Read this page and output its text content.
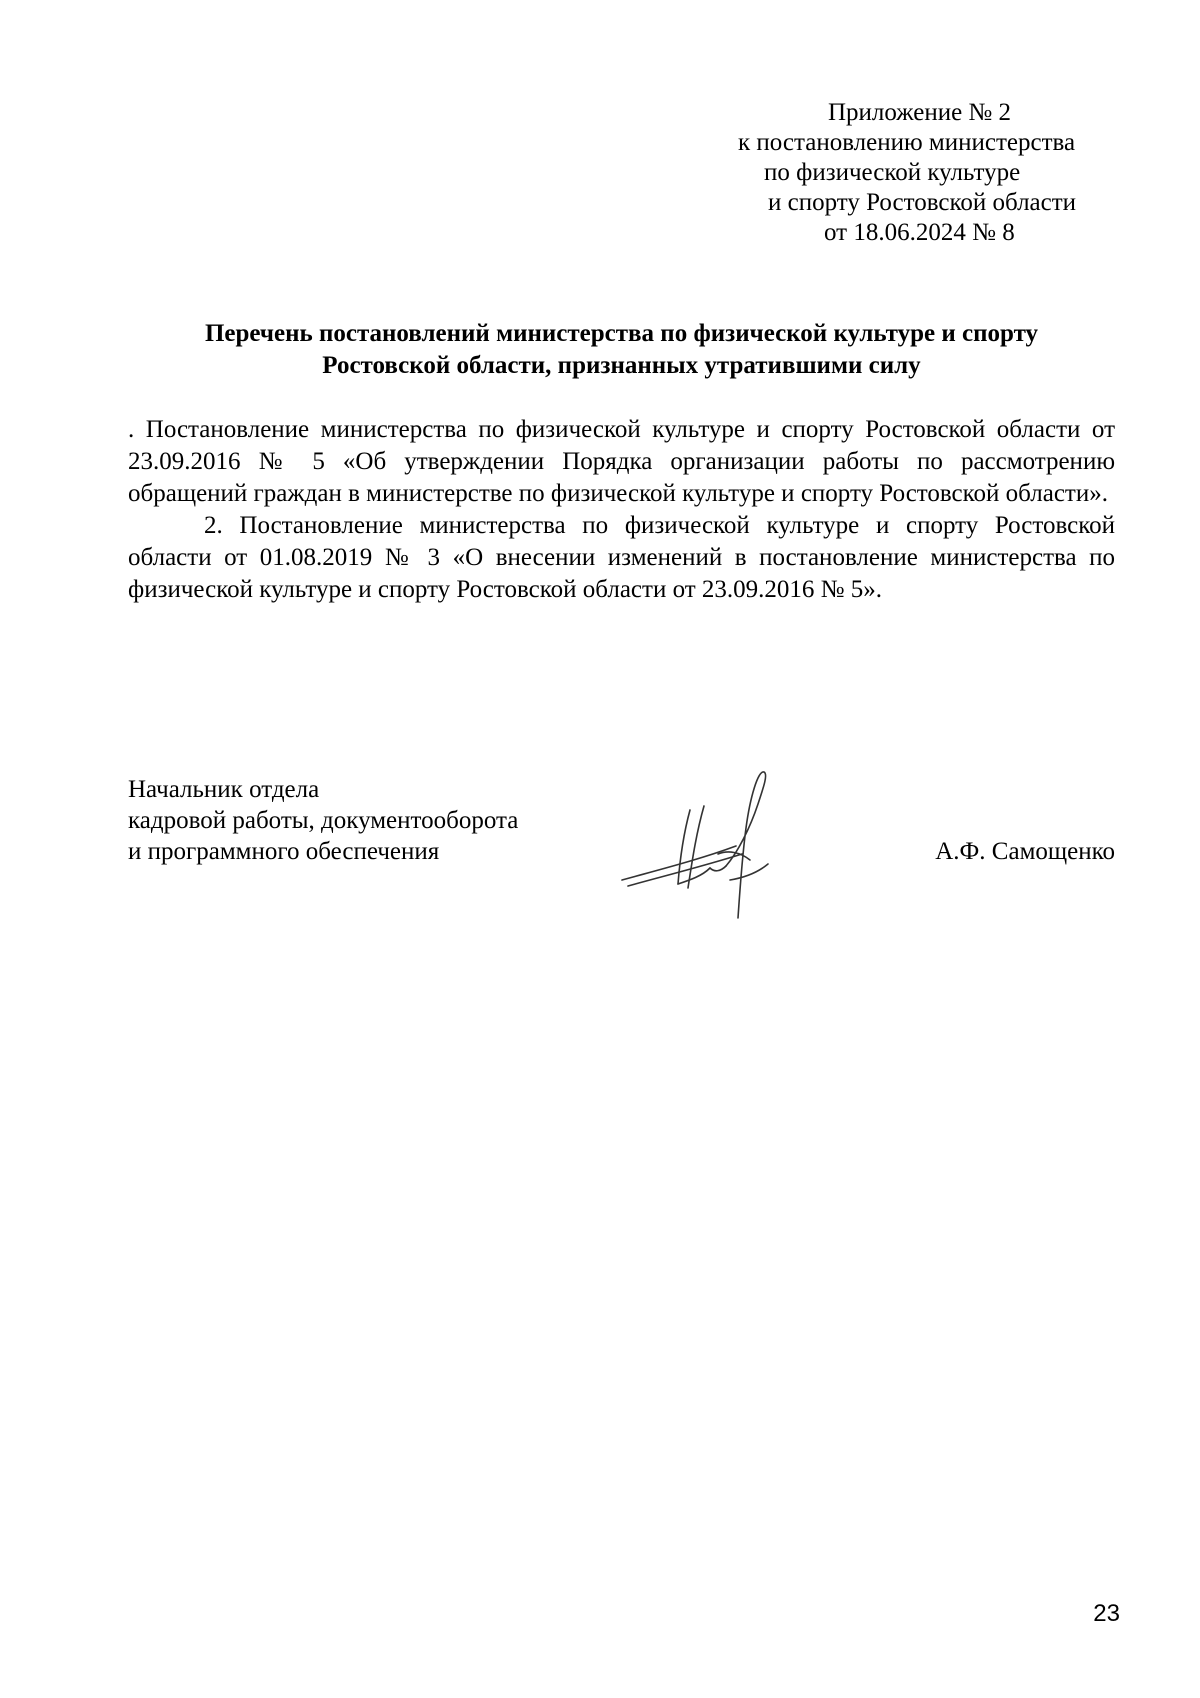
Приложение № 2
к постановлению министерства
по физической культуре
и спорту Ростовской области
от 18.06.2024 № 8
Перечень постановлений министерства по физической культуре и спорту
Ростовской области, признанных утратившими силу

. Постановление министерства по физической культуре и спорту Ростовской области от 23.09.2016 № 5 «Об утверждении Порядка организации работы по рассмотрению обращений граждан в министерстве по физической культуре и спорту Ростовской области».

2. Постановление министерства по физической культуре и спорту Ростовской области от 01.08.2019 № 3 «О внесении изменений в постановление министерства по физической культуре и спорту Ростовской области от 23.09.2016 № 5».

Начальник отдела
кадровой работы, документооборота
и программного обеспечения	А.Ф. Самощенко
23
